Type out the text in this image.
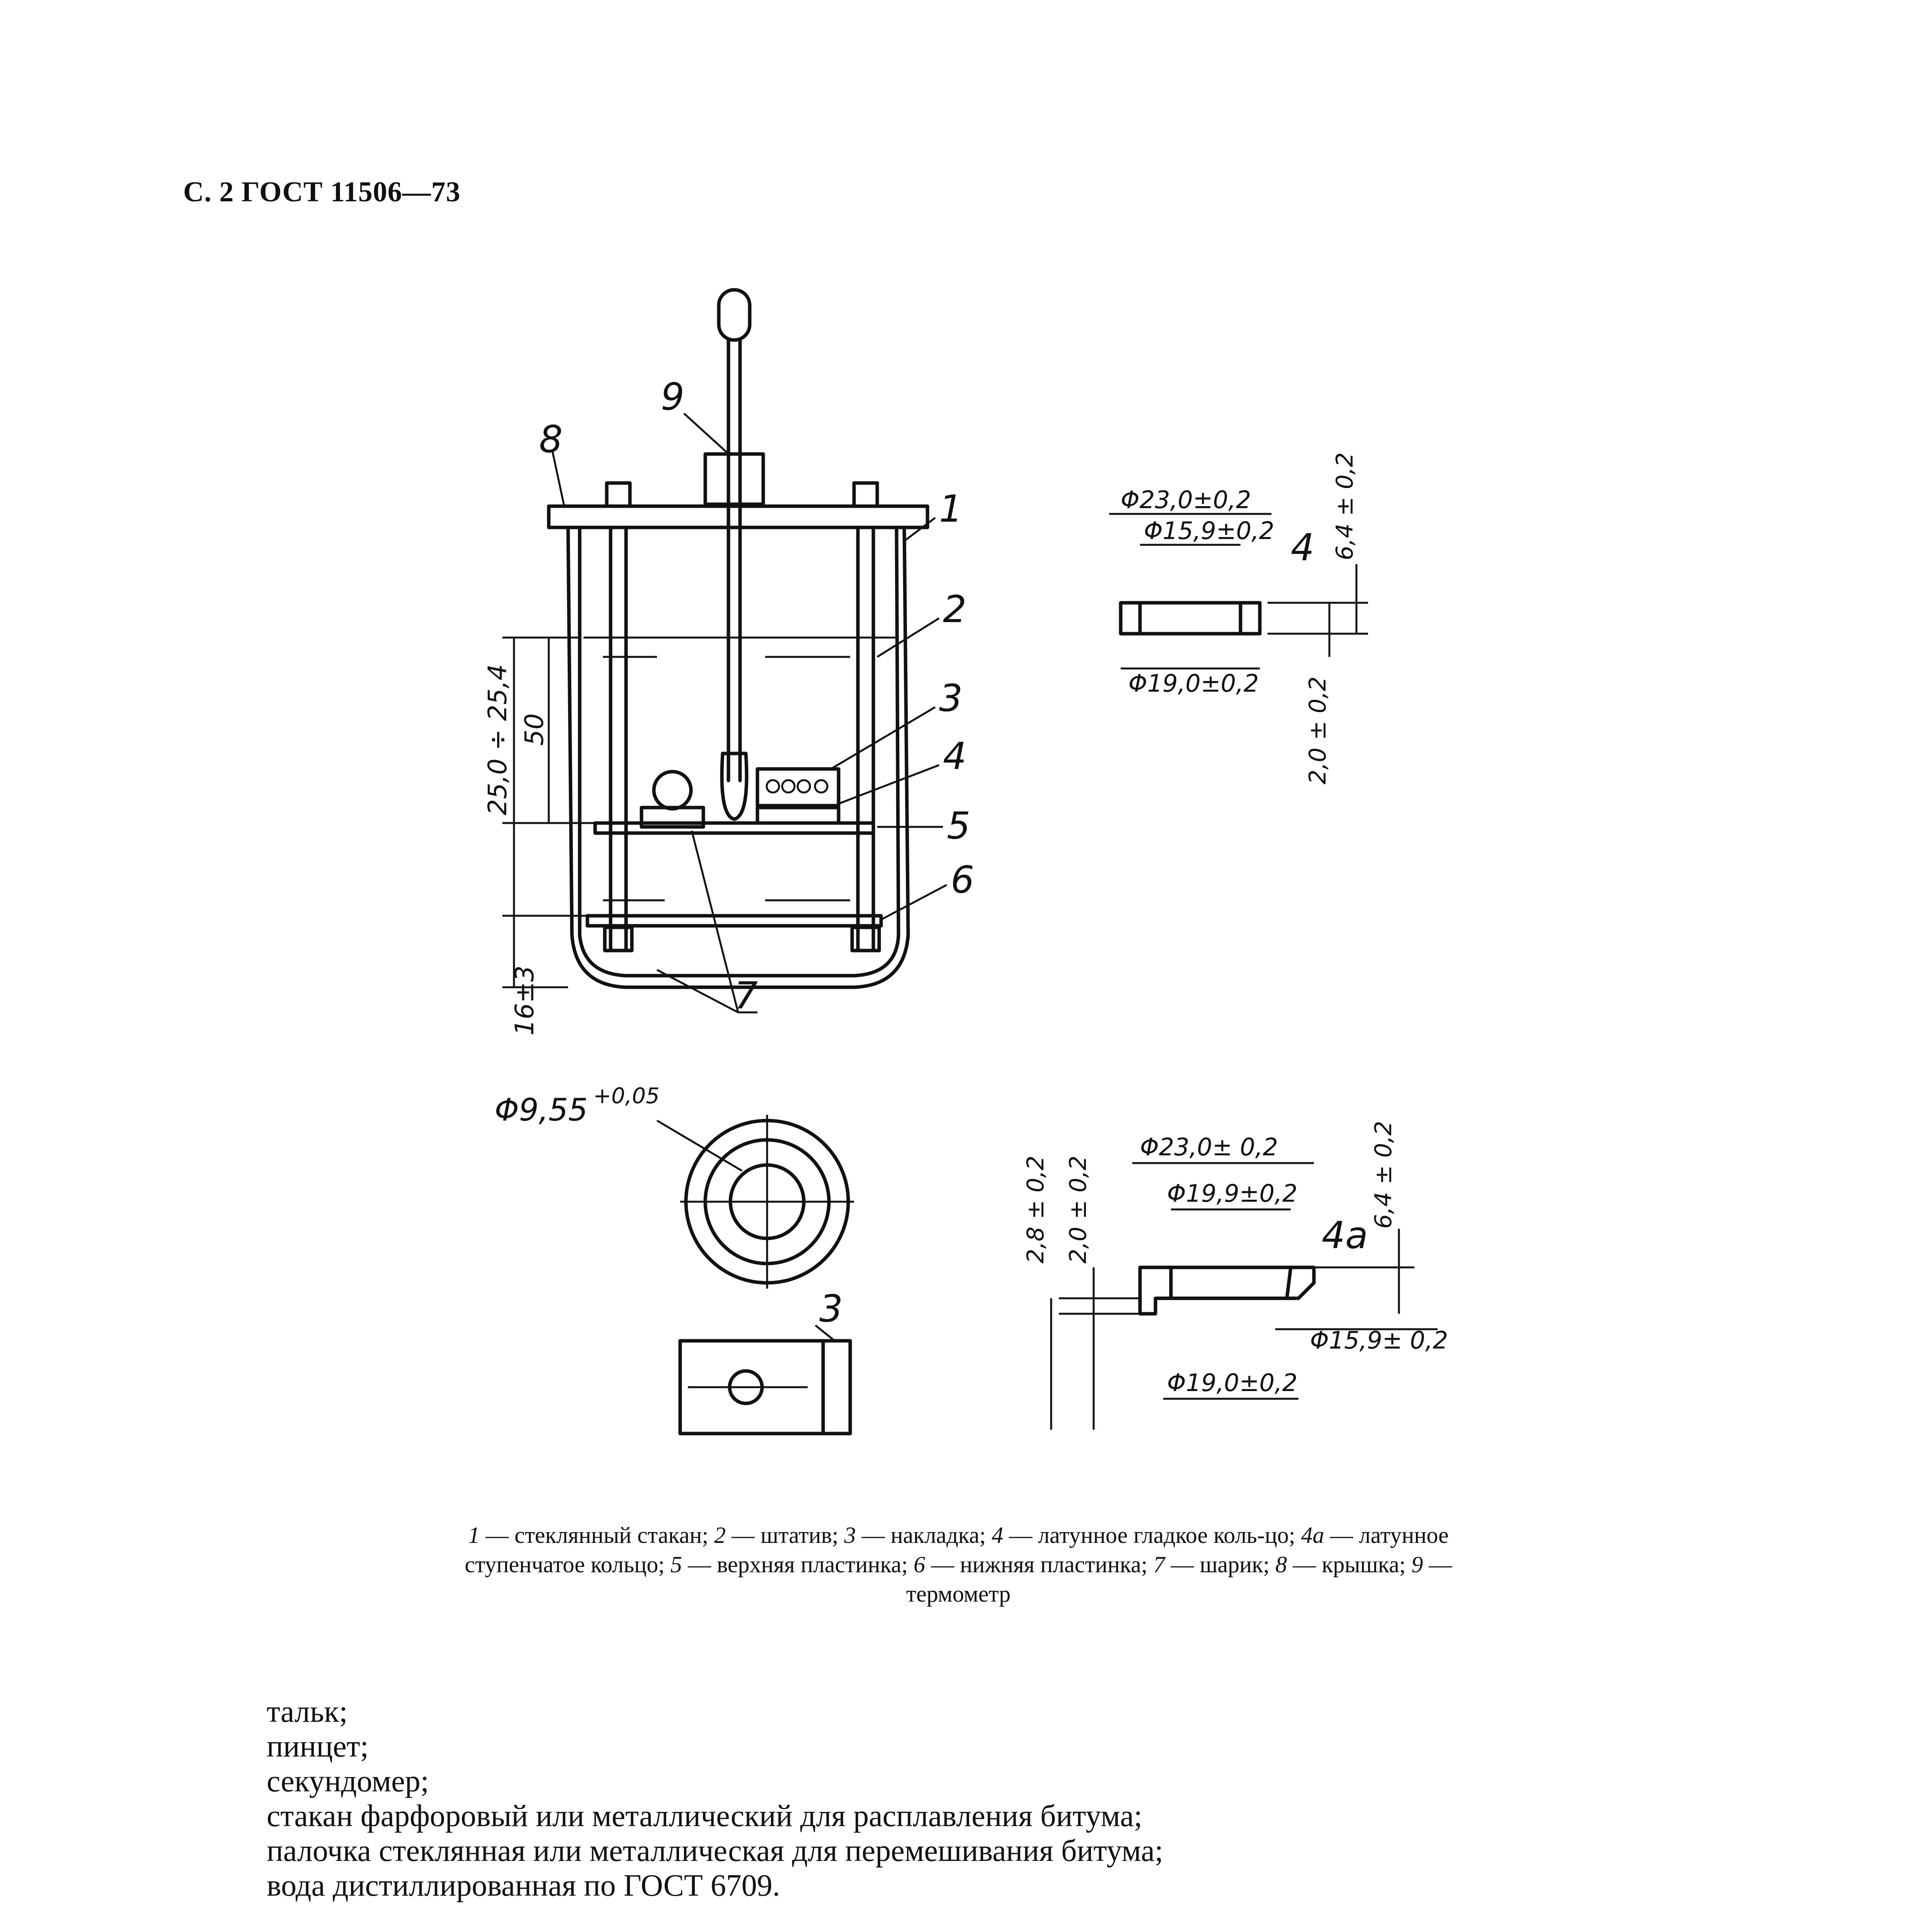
С. 2 ГОСТ 11506—73
8
9
1
2
3
4
5
6
7
25,0 ÷ 25,4 50
16±3
Φ23,0±0,2
Φ15,9±0,2
Φ19,0±0,2
4 6,4 ± 0,2
2,0 ± 0,2
Φ9,55 +0,05
3
Φ23,0± 0,2
Φ19,9±0,2
4a
Φ15,9± 0,2
Φ19,0±0,2
6,4 ± 0,2
2,8 ± 0,2 2,0 ± 0,2
1 — стеклянный стакан; 2 — штатив; 3 — накладка; 4 — латунное гладкое коль-цо; 4а — латунное ступенчатое кольцо; 5 — верхняя пластинка; 6 — нижняя пластинка; 7 — шарик; 8 — крышка; 9 — термометр
тальк;
пинцет;
секундомер;
стакан фарфоровый или металлический для расплавления битума;
палочка стеклянная или металлическая для перемешивания битума;
вода дистиллированная по ГОСТ 6709.
